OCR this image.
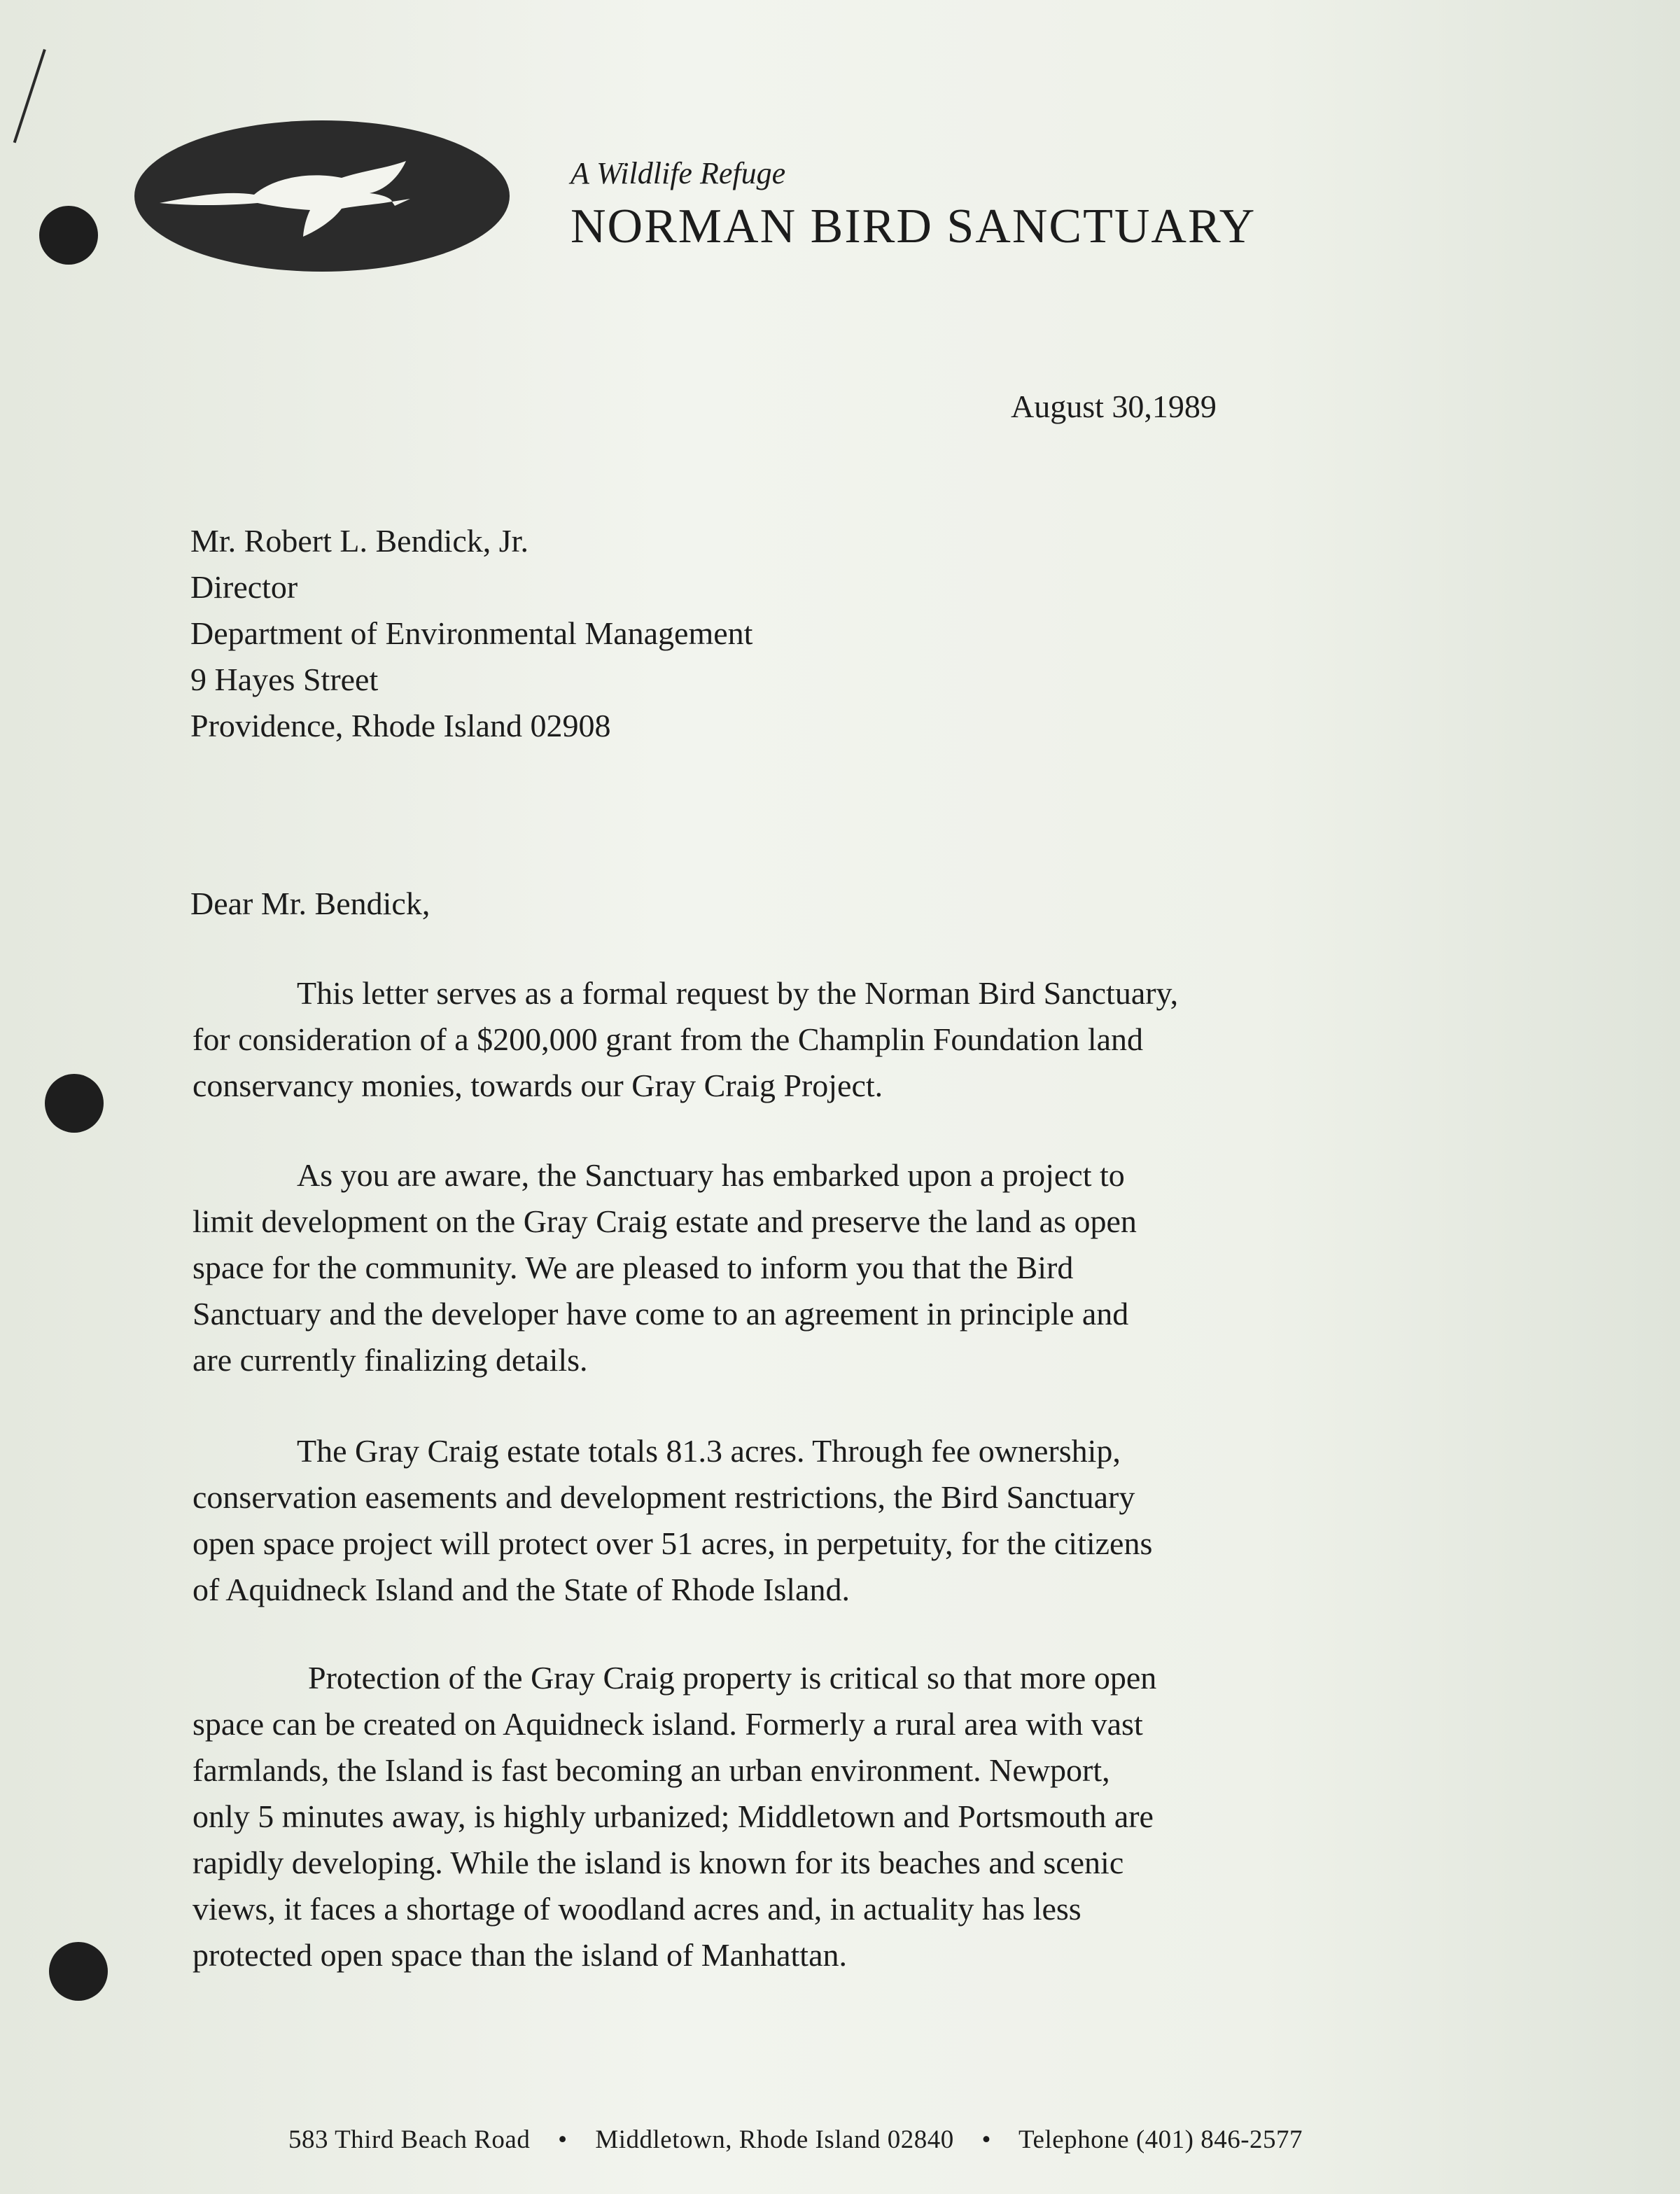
A Wildlife Refuge

NORMAN BIRD SANCTUARY

August 30,1989
Mr. Robert L. Bendick, Jr.
Director
Department of Environmental Management
9 Hayes Street
Providence, Rhode Island 02908
Dear Mr. Bendick,
This letter serves as a formal request by the Norman Bird Sanctuary,
for consideration of a $200,000 grant from the Champlin Foundation land
conservancy monies, towards our Gray Craig Project.
As you are aware, the Sanctuary has embarked upon a project to
limit development on the Gray Craig estate and preserve the land as open
space for the community. We are pleased to inform you that the Bird
Sanctuary and the developer have come to an agreement in principle and
are currently finalizing details.
The Gray Craig estate totals 81.3 acres. Through fee ownership,
conservation easements and development restrictions, the Bird Sanctuary
open space project will protect over 51 acres, in perpetuity, for the citizens
of Aquidneck Island and the State of Rhode Island.
Protection of the Gray Craig property is critical so that more open
space can be created on Aquidneck island. Formerly a rural area with vast
farmlands, the Island is fast becoming an urban environment. Newport,
only 5 minutes away, is highly urbanized; Middletown and Portsmouth are
rapidly developing. While the island is known for its beaches and scenic
views, it faces a shortage of woodland acres and, in actuality has less
protected open space than the island of Manhattan.
583 Third Beach Road • Middletown, Rhode Island 02840 • Telephone (401) 846-2577
